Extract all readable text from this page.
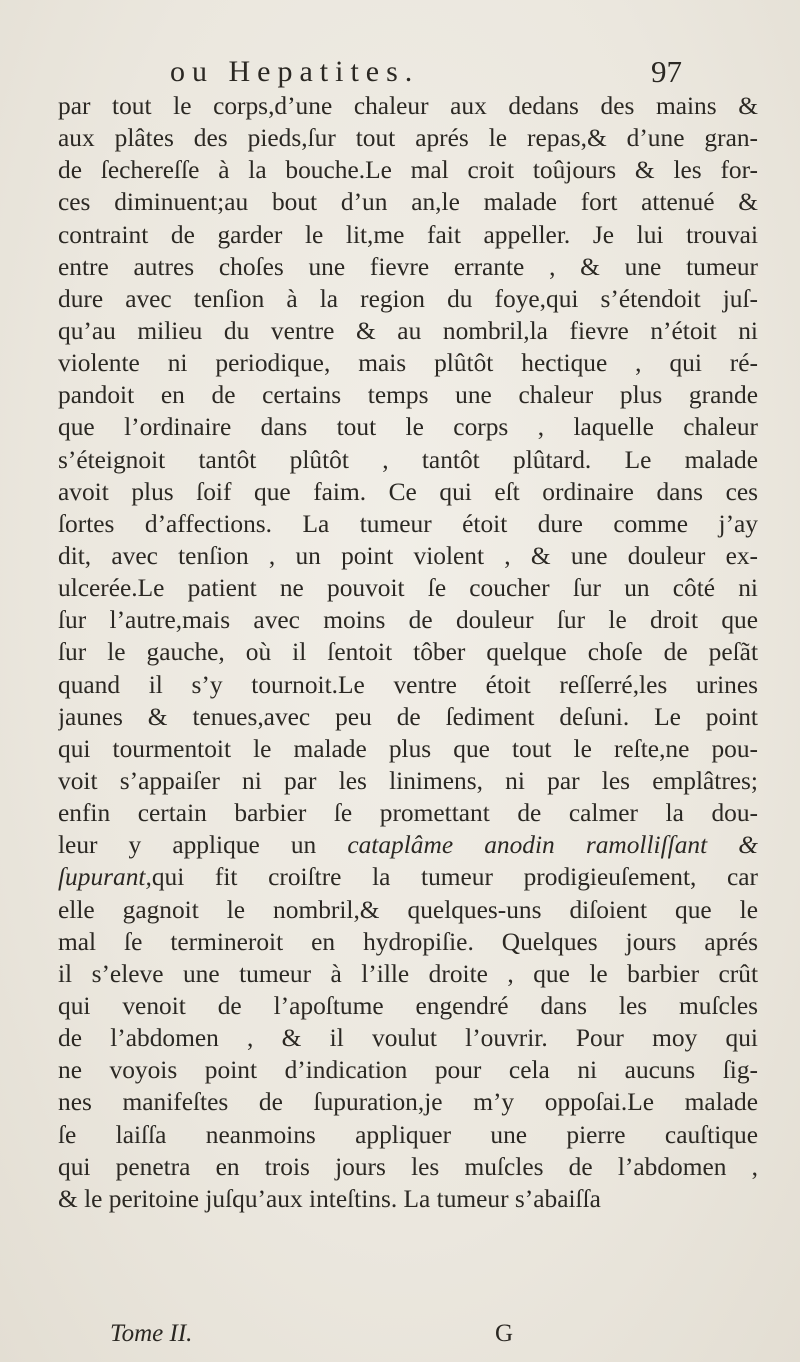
ou Hepatites.	97
par tout le corps,d’une chaleur aux dedans des mains &
aux plâtes des pieds,ſur tout aprés le repas,& d’une gran-
de ſechereſſe à la bouche.Le mal croit toûjours & les for-
ces diminuent;au bout d’un an,le malade fort attenué &
contraint de garder le lit,me fait appeller. Je lui trouvai
entre autres choſes une fievre errante , & une tumeur
dure avec tenſion à la region du foye,qui s’étendoit juſ-
qu’au milieu du ventre & au nombril,la fievre n’étoit ni
violente ni periodique, mais plûtôt hectique , qui ré-
pandoit en de certains temps une chaleur plus grande
que l’ordinaire dans tout le corps , laquelle chaleur
s’éteignoit tantôt plûtôt , tantôt plûtard. Le malade
avoit plus ſoif que faim. Ce qui eſt ordinaire dans ces
ſortes d’affections. La tumeur étoit dure comme j’ay
dit, avec tenſion , un point violent , & une douleur ex-
ulcerée.Le patient ne pouvoit ſe coucher ſur un côté ni
ſur l’autre,mais avec moins de douleur ſur le droit que
ſur le gauche, où il ſentoit tôber quelque choſe de peſãt
quand il s’y tournoit.Le ventre étoit reſſerré,les urines
jaunes & tenues,avec peu de ſediment deſuni. Le point
qui tourmentoit le malade plus que tout le reſte,ne pou-
voit s’appaiſer ni par les linimens, ni par les emplâtres;
enfin certain barbier ſe promettant de calmer la dou-
leur y applique un cataplâme anodin ramolliſſant &
ſupurant,qui fit croiſtre la tumeur prodigieuſement, car
elle gagnoit le nombril,& quelques-uns diſoient que le
mal ſe termineroit en hydropiſie. Quelques jours aprés
il s’eleve une tumeur à l’ille droite , que le barbier crût
qui venoit de l’apoſtume engendré dans les muſcles
de l’abdomen , & il voulut l’ouvrir. Pour moy qui
ne voyois point d’indication pour cela ni aucuns ſig-
nes manifeſtes de ſupuration,je m’y oppoſai.Le malade
ſe laiſſa neanmoins appliquer une pierre cauſtique
qui penetra en trois jours les muſcles de l’abdomen ,
& le peritoine juſqu’aux inteſtins. La tumeur s’abaiſſa
Tome II.	G
